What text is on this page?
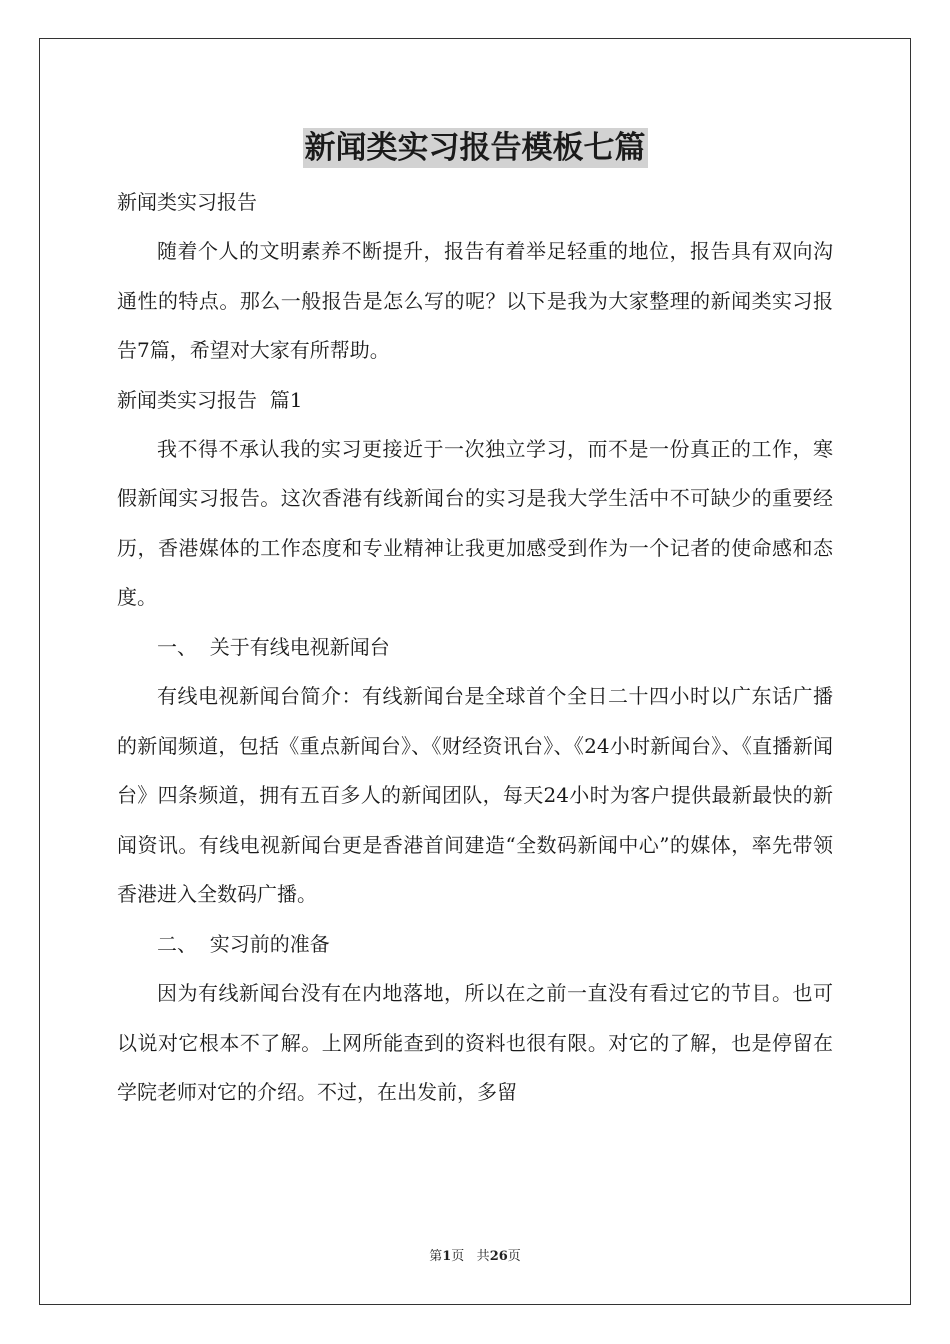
新闻类实习报告模板七篇

新闻类实习报告

随着个人的文明素养不断提升，报告有着举足轻重的地位，报告具有双向沟通性的特点。那么一般报告是怎么写的呢？以下是我为大家整理的新闻类实习报告7篇，希望对大家有所帮助。

新闻类实习报告  篇1

我不得不承认我的实习更接近于一次独立学习，而不是一份真正的工作，寒假新闻实习报告。这次香港有线新闻台的实习是我大学生活中不可缺少的重要经历，香港媒体的工作态度和专业精神让我更加感受到作为一个记者的使命感和态度。

一、  关于有线电视新闻台

有线电视新闻台简介：有线新闻台是全球首个全日二十四小时以广东话广播的新闻频道，包括《重点新闻台》、《财经资讯台》、《24小时新闻台》、《直播新闻台》四条频道，拥有五百多人的新闻团队，每天24小时为客户提供最新最快的新闻资讯。有线电视新闻台更是香港首间建造“全数码新闻中心”的媒体，率先带领香港进入全数码广播。

二、  实习前的准备

因为有线新闻台没有在内地落地，所以在之前一直没有看过它的节目。也可以说对它根本不了解。上网所能查到的资料也很有限。对它的了解，也是停留在学院老师对它的介绍。不过，在出发前，多留

第1页 共26页
